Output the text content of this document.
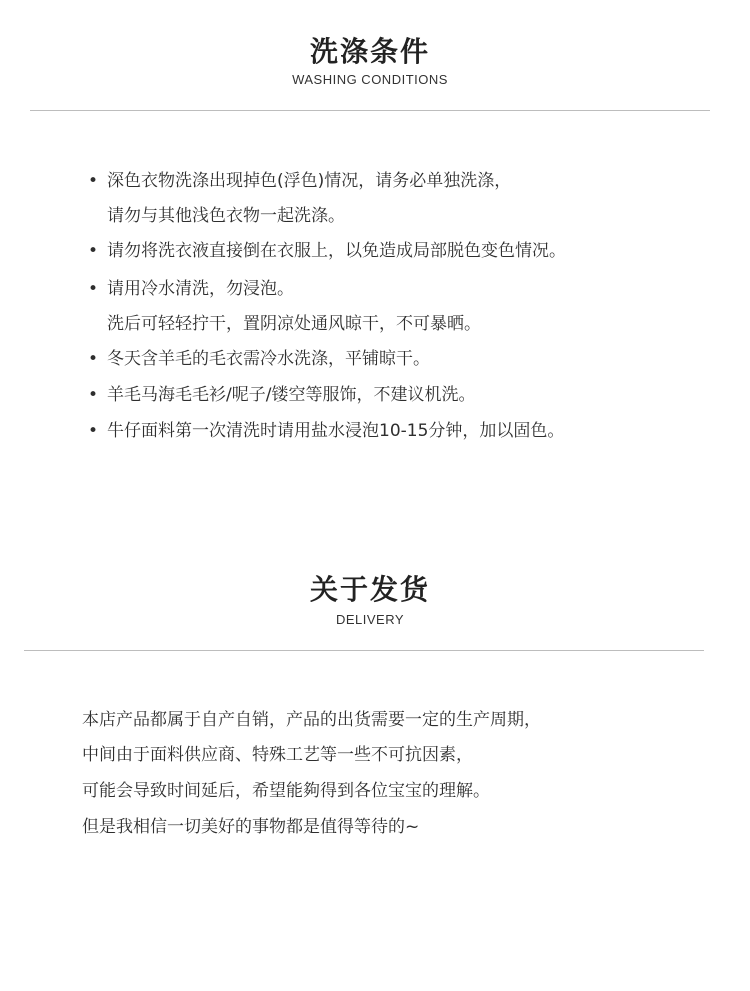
洗涤条件
WASHING CONDITIONS
• 深色衣物洗涤出现掉色(浮色)情况，请务必单独洗涤，
请勿与其他浅色衣物一起洗涤。
• 请勿将洗衣液直接倒在衣服上，以免造成局部脱色变色情况。
• 请用冷水清洗，勿浸泡。
洗后可轻轻拧干，置阴凉处通风晾干，不可暴晒。
• 冬天含羊毛的毛衣需冷水洗涤，平铺晾干。
• 羊毛马海毛毛衫/呢子/镂空等服饰，不建议机洗。
• 牛仔面料第一次清洗时请用盐水浸泡10-15分钟，加以固色。
关于发货
DELIVERY
本店产品都属于自产自销，产品的出货需要一定的生产周期，
中间由于面料供应商、特殊工艺等一些不可抗因素，
可能会导致时间延后，希望能夠得到各位宝宝的理解。
但是我相信一切美好的事物都是值得等待的~
